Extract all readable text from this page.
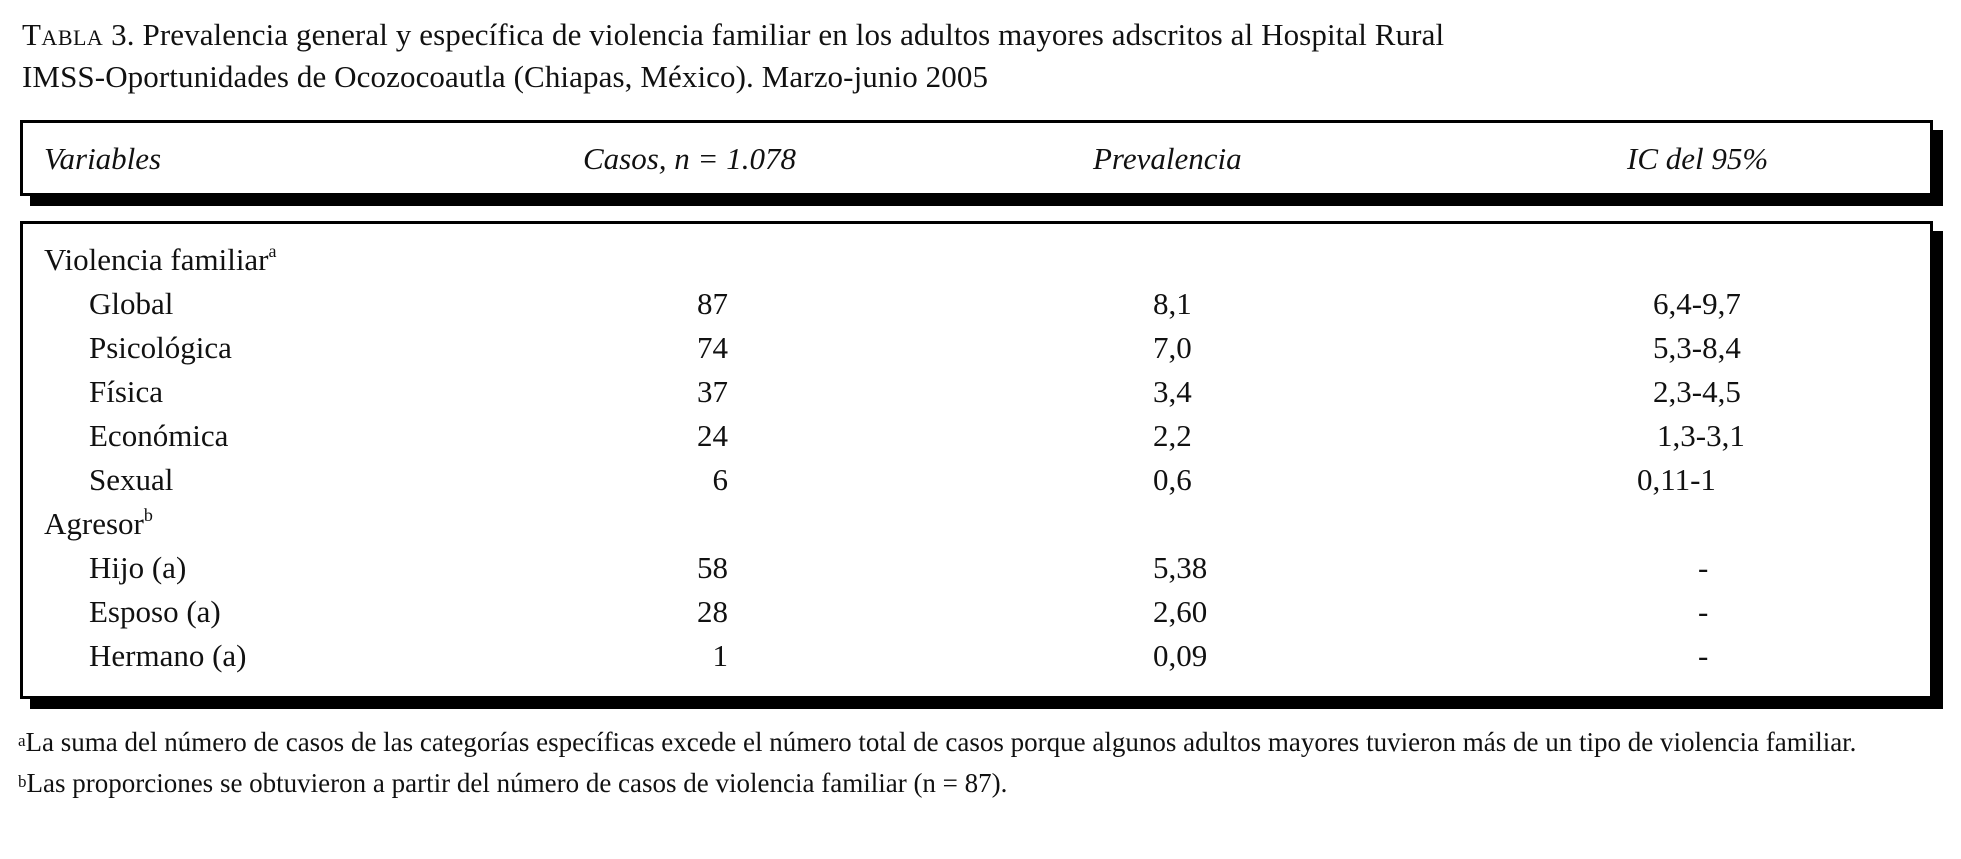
Tabla 3. Prevalencia general y específica de violencia familiar en los adultos mayores adscritos al Hospital Rural
IMSS-Oportunidades de Ocozocoautla (Chiapas, México). Marzo-junio 2005
Variables	Casos, n = 1.078	Prevalencia	IC del 95%
Violencia familiar$^a$
Global	87	8,1	6,4-9,7
Psicológica	74	7,0	5,3-8,4
Física	37	3,4	2,3-4,5
Económica	24	2,2	1,3-3,1
Sexual	6	0,6	0,11-1
Agresor$^b$
Hijo (a)	58	5,38	-
Esposo (a)	28	2,60	-
Hermano (a)	1	0,09	-
$^a$La suma del número de casos de las categorías específicas excede el número total de casos porque algunos adultos mayores tuvieron más de un tipo de violencia familiar.
$^b$Las proporciones se obtuvieron a partir del número de casos de violencia familiar (n = 87).
